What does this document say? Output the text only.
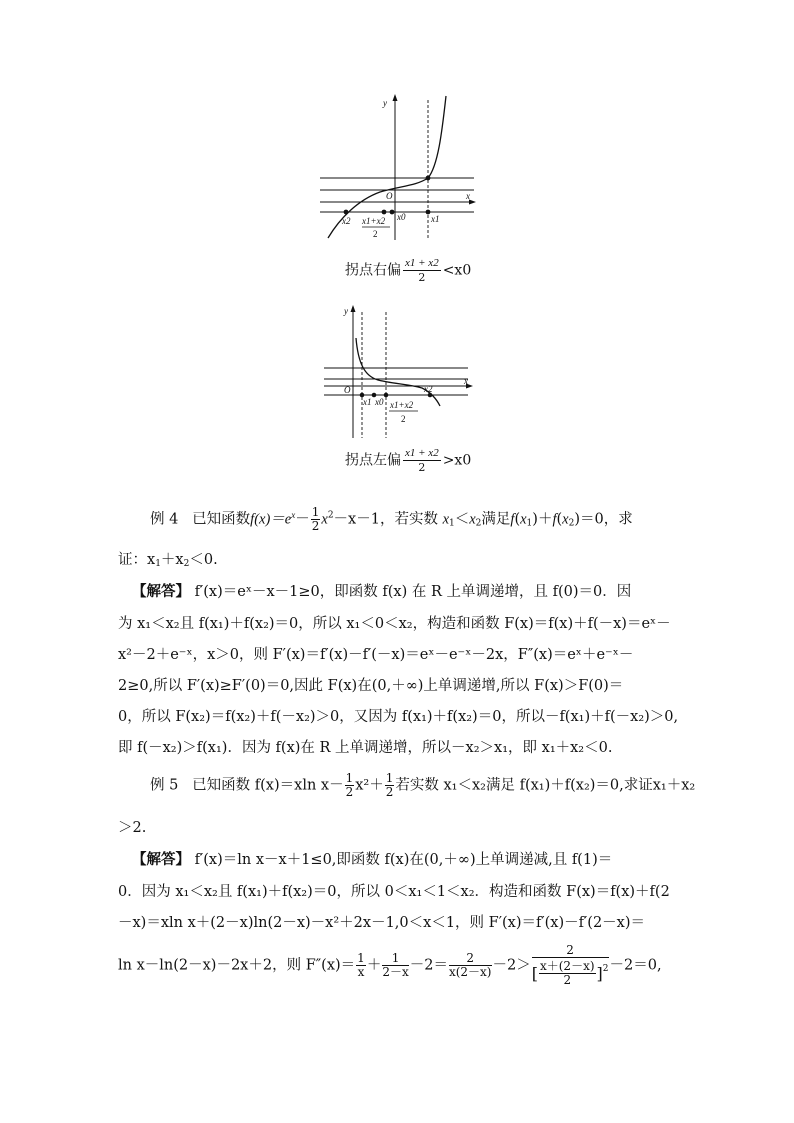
y
x
O
x2 x1+x2
2
x0	x1
拐点右偏 $\frac{x1 + x2}{2} <x0$
y
x
O
x1 x0
x2
x1+x2
2
拐点左偏 $\frac{x1 + x2}{2} >x0$
例 4 已知函数$f(x)=e^x- \frac{1}{2} x^2-x-1$，若实数 $x_1<x_2$满足$f(x_1)+f(x_2)=0$，求
证：$x_1+x_2<0$.
【解答】 f′(x)＝eˣ－x－1≥0，即函数 f(x) 在 R 上单调递增，且 f(0)＝0．因
为 x₁＜x₂且 f(x₁)＋f(x₂)＝0，所以 x₁＜0＜x₂，构造和函数 F(x)＝f(x)＋f(－x)＝eˣ－
x²－2＋e⁻ˣ，x＞0，则 F′(x)＝f′(x)－f′(－x)＝eˣ－e⁻ˣ－2x，F″(x)＝eˣ＋e⁻ˣ－
2≥0,所以 F′(x)≥F′(0)＝0,因此 F(x)在(0,＋∞)上单调递增,所以 F(x)＞F(0)＝
0，所以 F(x₂)＝f(x₂)＋f(－x₂)＞0，又因为 f(x₁)＋f(x₂)＝0，所以－f(x₁)＋f(－x₂)＞0,
即 f(－x₂)＞f(x₁)．因为 f(x)在 R 上单调递增，所以－x₂＞x₁，即 x₁＋x₂＜0.
例 5 已知函数 f(x)＝xln $x- \frac{1}{2} x^2+ \frac{1}{2}$ 若实数 x₁＜x₂满足 f(x₁)＋f(x₂)＝0,求证x₁＋x₂
＞2.
【解答】 f′(x)＝ln x－x＋1≤0,即函数 f(x)在(0,＋∞)上单调递减,且 f(1)＝
0．因为 x₁＜x₂且 f(x₁)＋f(x₂)＝0，所以 0＜x₁＜1＜x₂．构造和函数 F(x)＝f(x)＋f(2
－x)＝xln x＋(2－x)ln(2－x)－x²＋2x－1,0＜x＜1，则 F′(x)＝f′(x)－f′(2－x)＝
ln x－ln(2－x)－2x＋2，则 $F''(x)= \frac{1}{x} + \frac{1}{2-x} -2= \frac{2}{x(2-x)} -2> \frac{2}{[ \frac{x+(2-x)}{2} ]^2}-2=0$,
